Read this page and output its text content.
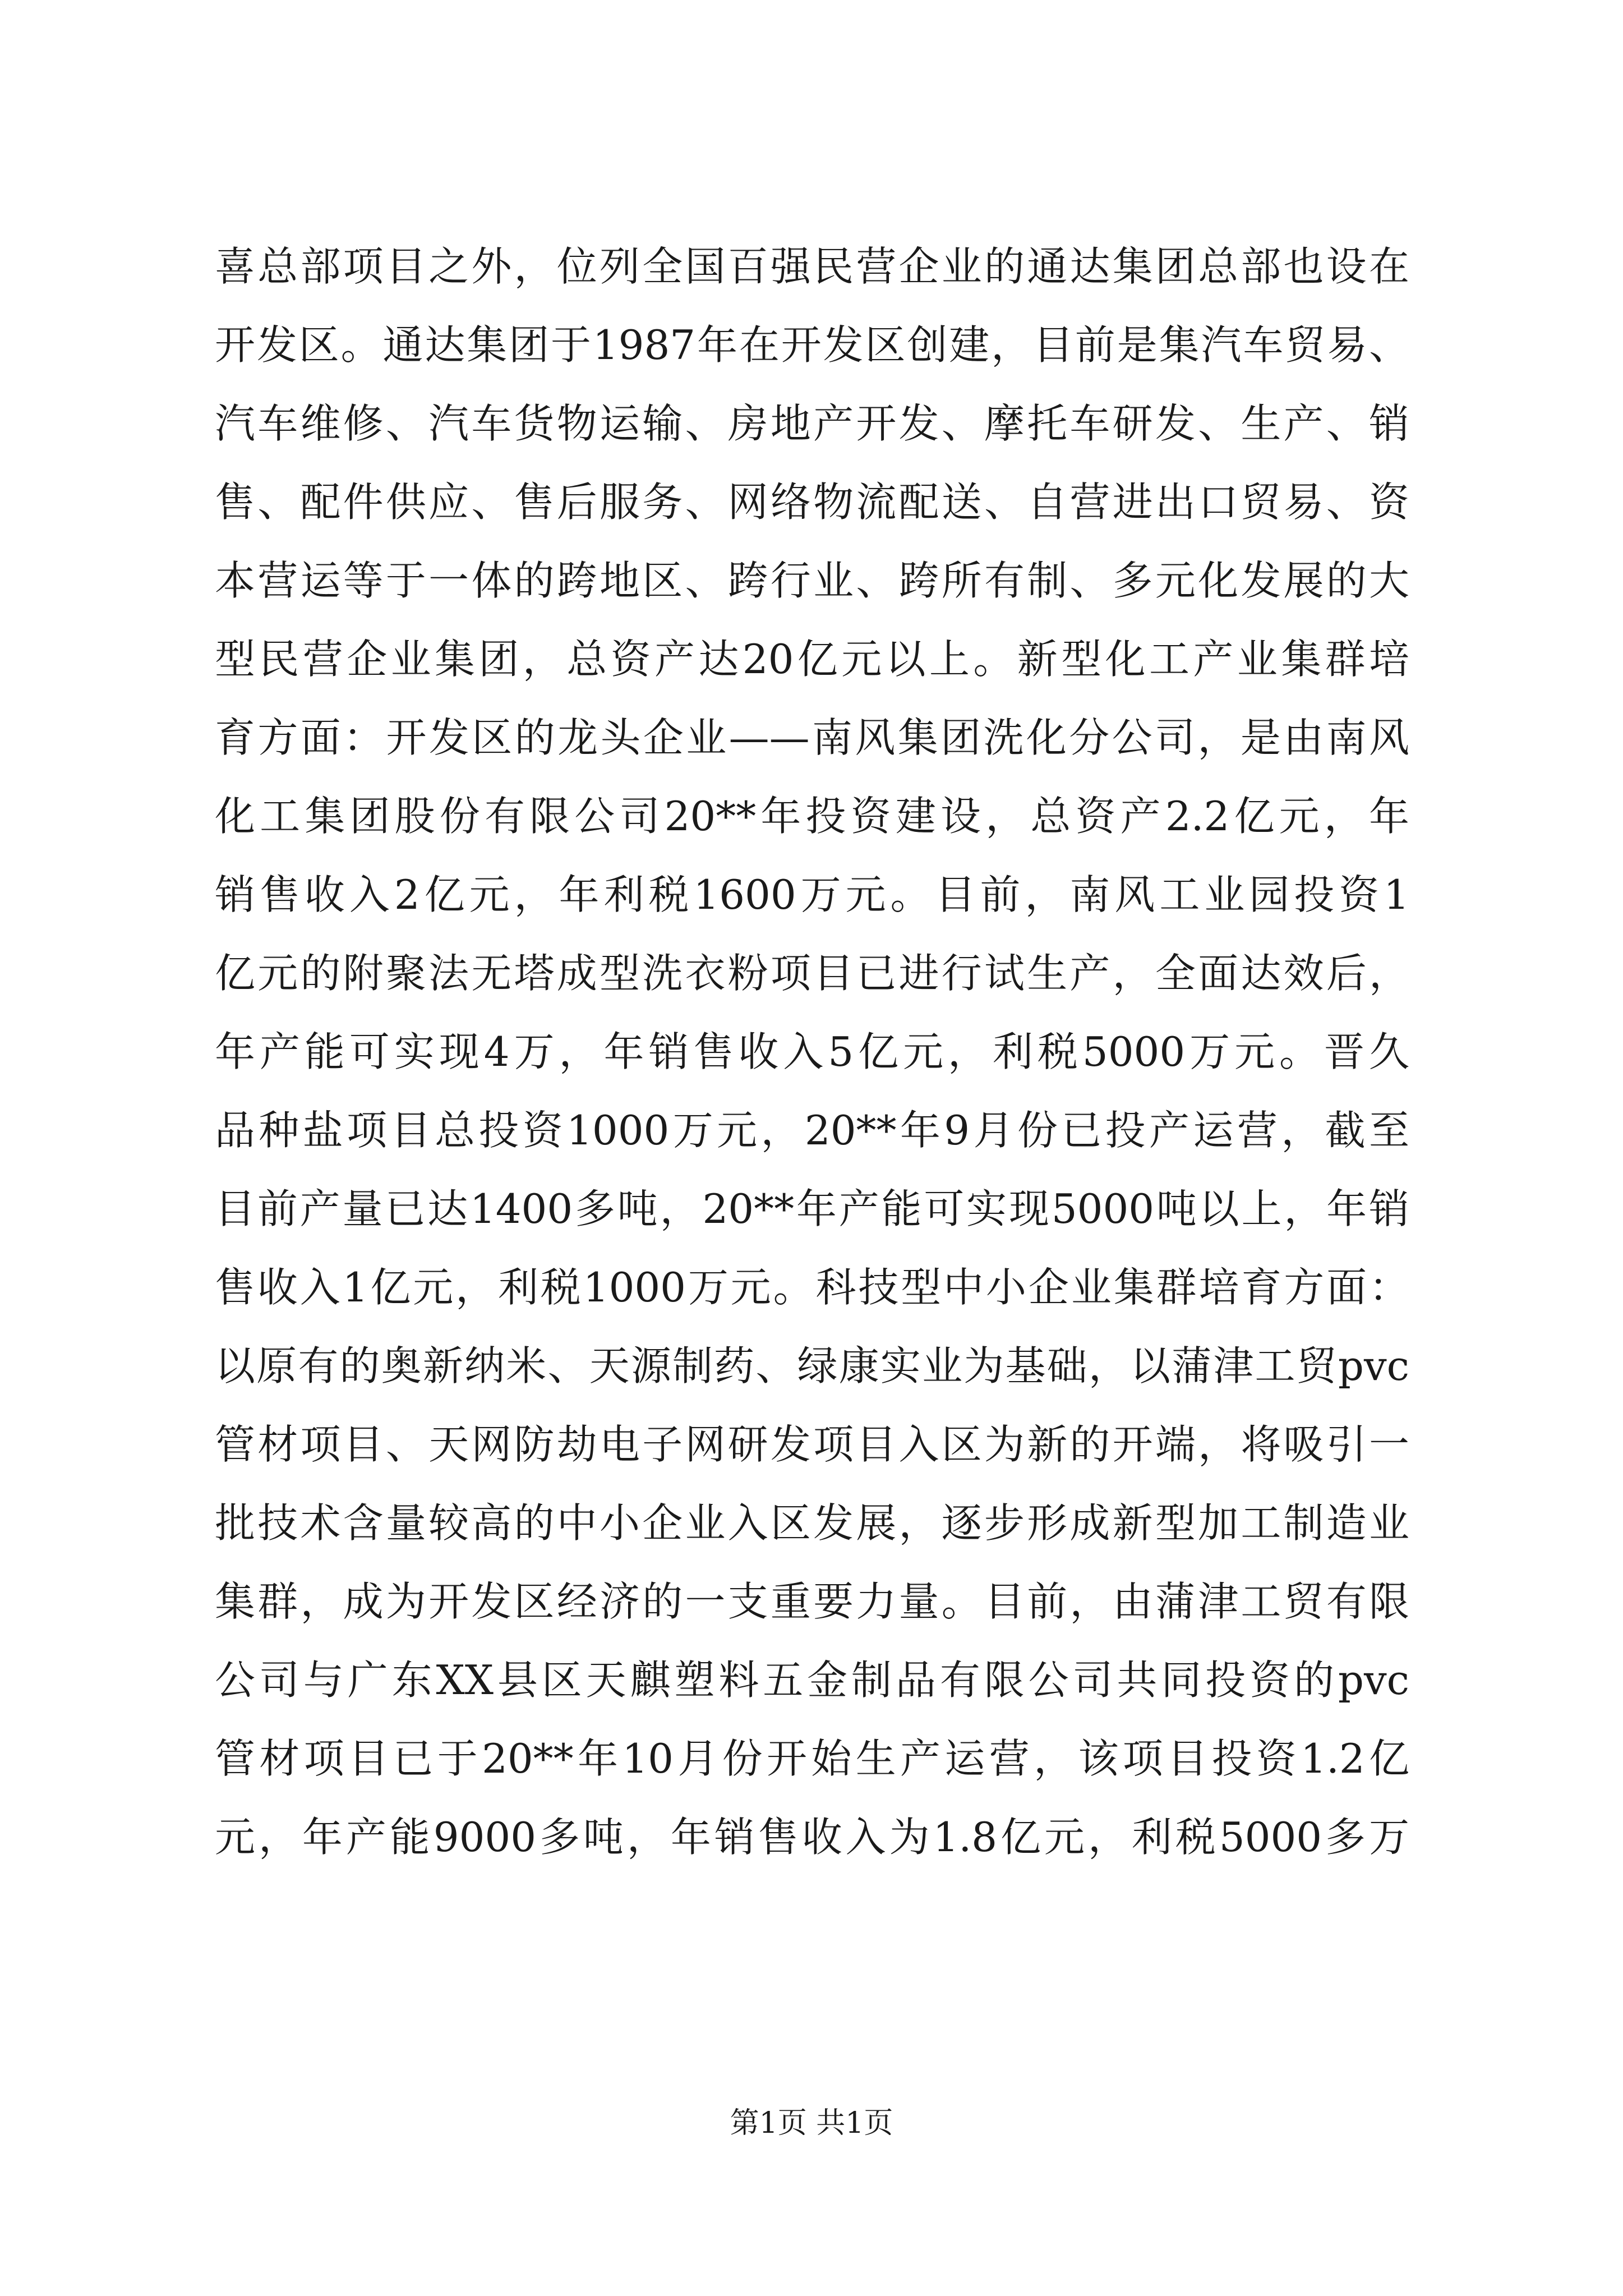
喜总部项目之外，位列全国百强民营企业的通达集团总部也设在
开发区。通达集团于1987年在开发区创建，目前是集汽车贸易、
汽车维修、汽车货物运输、房地产开发、摩托车研发、生产、销
售、配件供应、售后服务、网络物流配送、自营进出口贸易、资
本营运等于一体的跨地区、跨行业、跨所有制、多元化发展的大
型民营企业集团，总资产达20亿元以上。新型化工产业集群培
育方面：开发区的龙头企业——南风集团洗化分公司，是由南风
化工集团股份有限公司20**年投资建设，总资产2.2亿元，年
销售收入2亿元，年利税1600万元。目前，南风工业园投资1
亿元的附聚法无塔成型洗衣粉项目已进行试生产，全面达效后，
年产能可实现4万，年销售收入5亿元，利税5000万元。晋久
品种盐项目总投资1000万元，20**年9月份已投产运营，截至
目前产量已达1400多吨，20**年产能可实现5000吨以上，年销
售收入1亿元，利税1000万元。科技型中小企业集群培育方面：
以原有的奥新纳米、天源制药、绿康实业为基础，以蒲津工贸pvc
管材项目、天网防劫电子网研发项目入区为新的开端，将吸引一
批技术含量较高的中小企业入区发展，逐步形成新型加工制造业
集群，成为开发区经济的一支重要力量。目前，由蒲津工贸有限
公司与广东XX县区天麒塑料五金制品有限公司共同投资的pvc
管材项目已于20**年10月份开始生产运营，该项目投资1.2亿
元，年产能9000多吨，年销售收入为1.8亿元，利税5000多万
第1页 共1页
